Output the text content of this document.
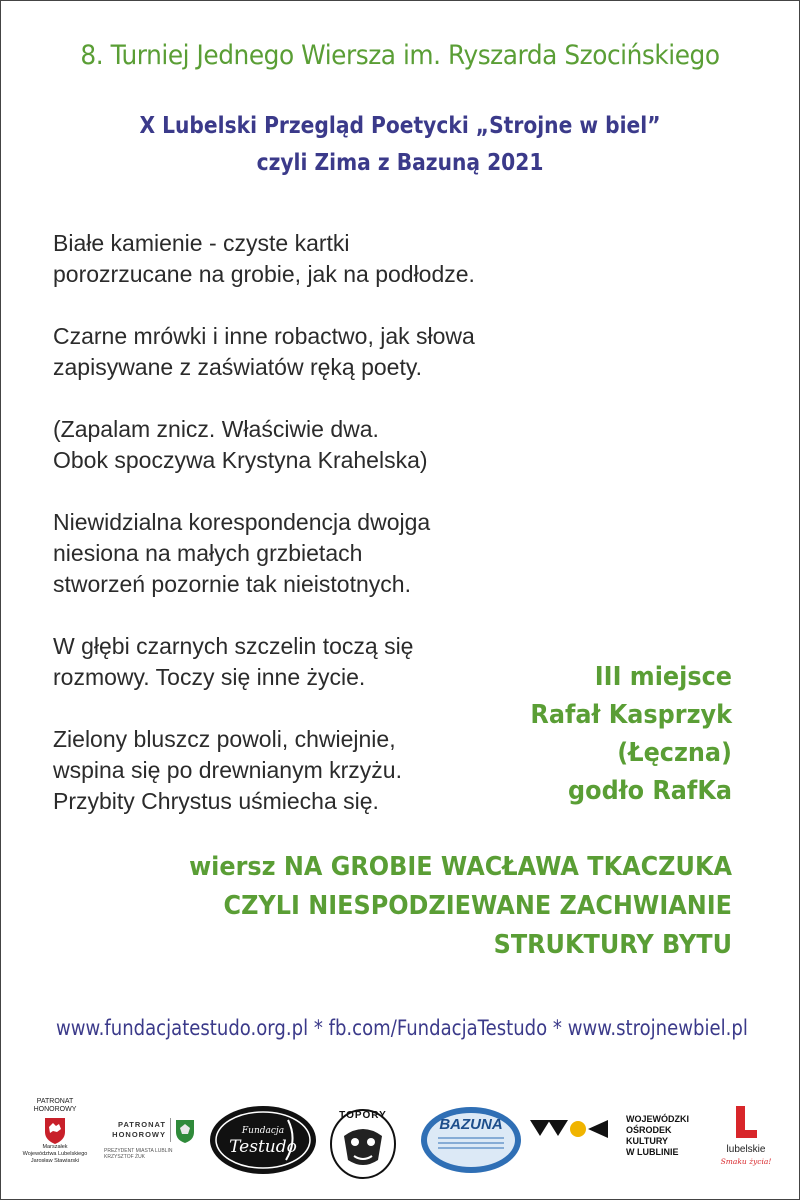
8. Turniej Jednego Wiersza im. Ryszarda Szocińskiego
X Lubelski Przegląd Poetycki „Strojne w biel”
czyli Zima z Bazuną 2021
Białe kamienie - czyste kartki
porozrzucane na grobie, jak na podłodze.
Czarne mrówki i inne robactwo, jak słowa
zapisywane z zaświatów ręką poety.
(Zapalam znicz. Właściwie dwa.
Obok spoczywa Krystyna Krahelska)
Niewidzialna korespondencja dwojga
niesiona na małych grzbietach
stworzeń pozornie tak nieistotnych.
W głębi czarnych szczelin toczą się
rozmowy. Toczy się inne życie.
Zielony bluszcz powoli, chwiejnie,
wspina się po drewnianym krzyżu.
Przybity Chrystus uśmiecha się.
III miejsce
Rafał Kasprzyk
(Łęczna)
godło RafKa
wiersz NA GROBIE WACŁAWA TKACZUKA
CZYLI NIESPODZIEWANE ZACHWIANIE
STRUKTURY BYTU
www.fundacjatestudo.org.pl * fb.com/FundacjaTestudo * www.strojnewbiel.pl
PATRONAT
HONOROWY
Marszałek
Województwa Lubelskiego
Jarosław Stawiarski
PATRONAT
HONOROWY
PREZYDENT MIASTA LUBLIN
KRZYSZTOF ŻUK
Fundacja
Testudo
TOPORY
BAZUNA	WOJEWÓDZKI
OŚRODEK
KULTURY
W LUBLINIE	lubelskie
Smaku życia!
